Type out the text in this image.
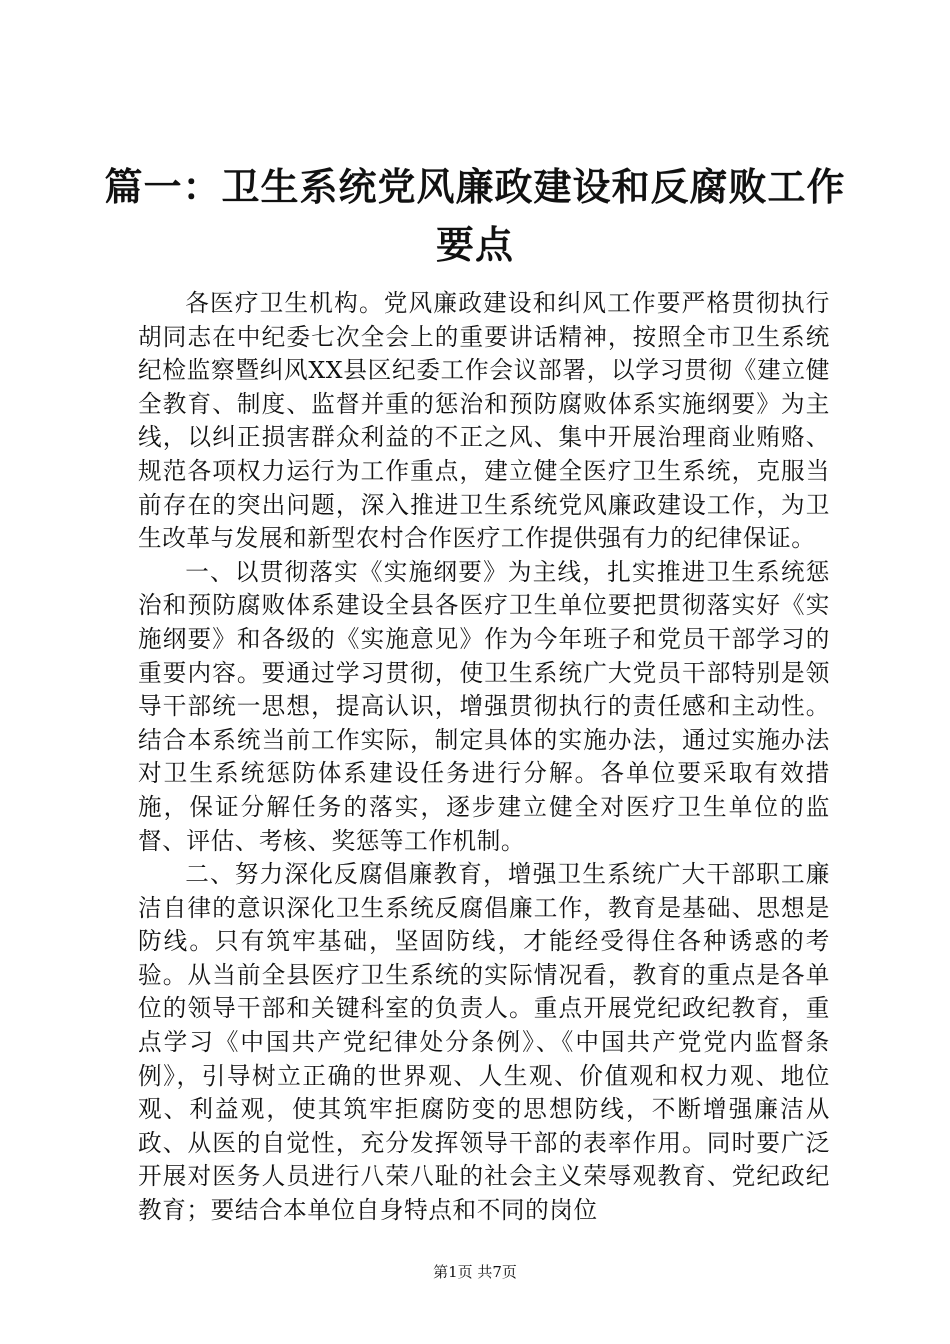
篇一：卫生系统党风廉政建设和反腐败工作要点

各医疗卫生机构。党风廉政建设和纠风工作要严格贯彻执行胡同志在中纪委七次全会上的重要讲话精神，按照全市卫生系统纪检监察暨纠风XX县区纪委工作会议部署，以学习贯彻《建立健全教育、制度、监督并重的惩治和预防腐败体系实施纲要》为主线，以纠正损害群众利益的不正之风、集中开展治理商业贿赂、规范各项权力运行为工作重点，建立健全医疗卫生系统，克服当前存在的突出问题，深入推进卫生系统党风廉政建设工作，为卫生改革与发展和新型农村合作医疗工作提供强有力的纪律保证。

一、以贯彻落实《实施纲要》为主线，扎实推进卫生系统惩治和预防腐败体系建设全县各医疗卫生单位要把贯彻落实好《实施纲要》和各级的《实施意见》作为今年班子和党员干部学习的重要内容。要通过学习贯彻，使卫生系统广大党员干部特别是领导干部统一思想，提高认识，增强贯彻执行的责任感和主动性。结合本系统当前工作实际，制定具体的实施办法，通过实施办法对卫生系统惩防体系建设任务进行分解。各单位要采取有效措施，保证分解任务的落实，逐步建立健全对医疗卫生单位的监督、评估、考核、奖惩等工作机制。

二、努力深化反腐倡廉教育，增强卫生系统广大干部职工廉洁自律的意识深化卫生系统反腐倡廉工作，教育是基础、思想是防线。只有筑牢基础，坚固防线，才能经受得住各种诱惑的考验。从当前全县医疗卫生系统的实际情况看，教育的重点是各单位的领导干部和关键科室的负责人。重点开展党纪政纪教育，重点学习《中国共产党纪律处分条例》、《中国共产党党内监督条例》，引导树立正确的世界观、人生观、价值观和权力观、地位观、利益观，使其筑牢拒腐防变的思想防线，不断增强廉洁从政、从医的自觉性，充分发挥领导干部的表率作用。同时要广泛开展对医务人员进行八荣八耻的社会主义荣辱观教育、党纪政纪教育；要结合本单位自身特点和不同的岗位

第1页 共7页
